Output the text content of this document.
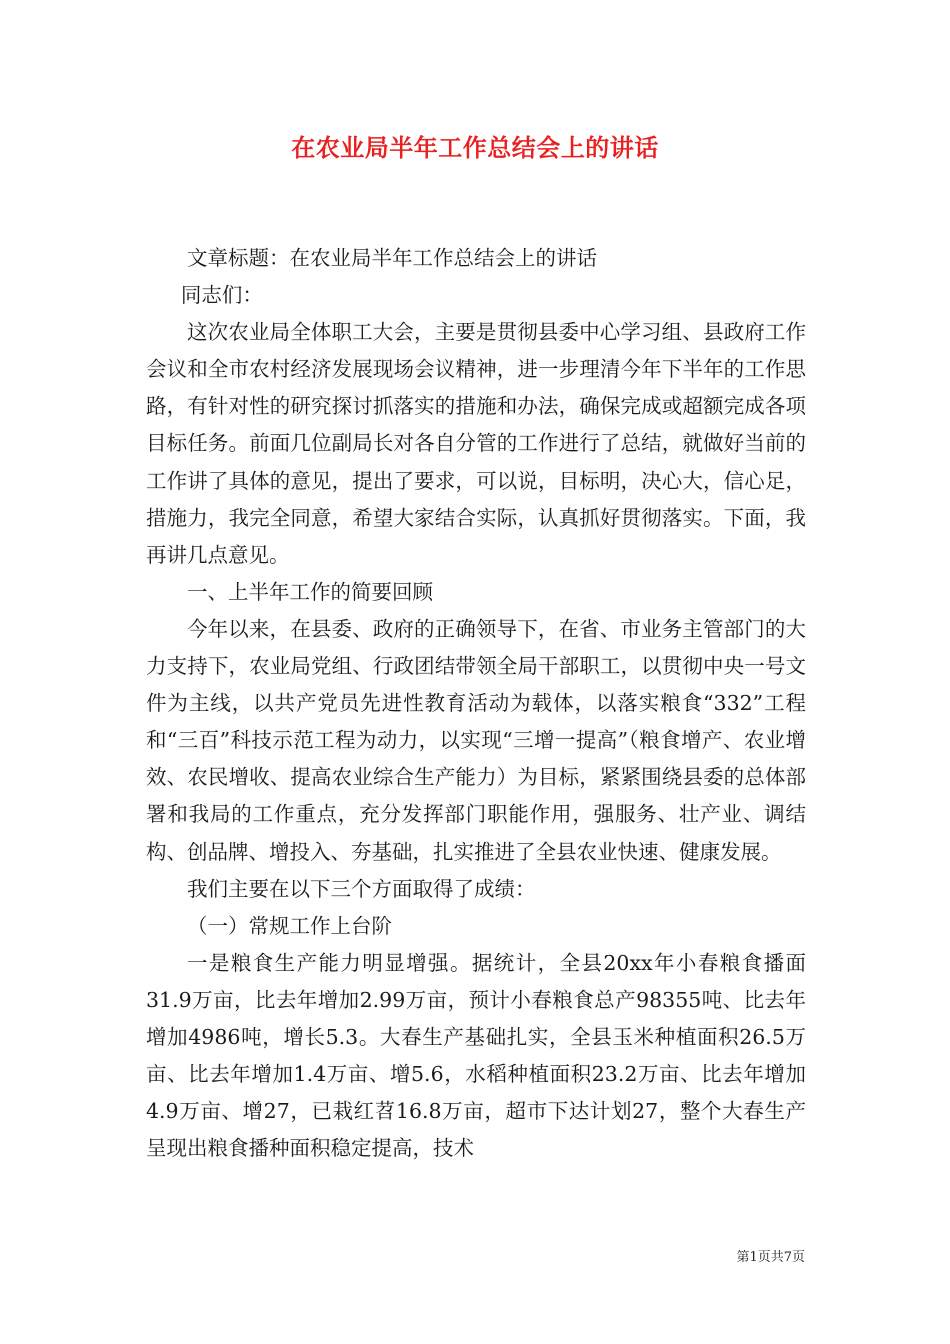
在农业局半年工作总结会上的讲话

文章标题：在农业局半年工作总结会上的讲话

同志们：

这次农业局全体职工大会，主要是贯彻县委中心学习组、县政府工作会议和全市农村经济发展现场会议精神，进一步理清今年下半年的工作思路，有针对性的研究探讨抓落实的措施和办法，确保完成或超额完成各项目标任务。前面几位副局长对各自分管的工作进行了总结，就做好当前的工作讲了具体的意见，提出了要求，可以说，目标明，决心大，信心足，措施力，我完全同意，希望大家结合实际，认真抓好贯彻落实。下面，我再讲几点意见。

一、上半年工作的简要回顾

今年以来，在县委、政府的正确领导下，在省、市业务主管部门的大力支持下，农业局党组、行政团结带领全局干部职工，以贯彻中央一号文件为主线，以共产党员先进性教育活动为载体，以落实粮食“332”工程和“三百”科技示范工程为动力，以实现“三增一提高”（粮食增产、农业增效、农民增收、提高农业综合生产能力）为目标，紧紧围绕县委的总体部署和我局的工作重点，充分发挥部门职能作用，强服务、壮产业、调结构、创品牌、增投入、夯基础，扎实推进了全县农业快速、健康发展。

我们主要在以下三个方面取得了成绩：

（一）常规工作上台阶

一是粮食生产能力明显增强。据统计，全县20xx年小春粮食播面31.9万亩，比去年增加2.99万亩，预计小春粮食总产98355吨、比去年增加4986吨，增长5.3。大春生产基础扎实，全县玉米种植面积26.5万亩、比去年增加1.4万亩、增5.6，水稻种植面积23.2万亩、比去年增加4.9万亩、增27，已栽红苕16.8万亩，超市下达计划27，整个大春生产呈现出粮食播种面积稳定提高，技术

第1页共7页
